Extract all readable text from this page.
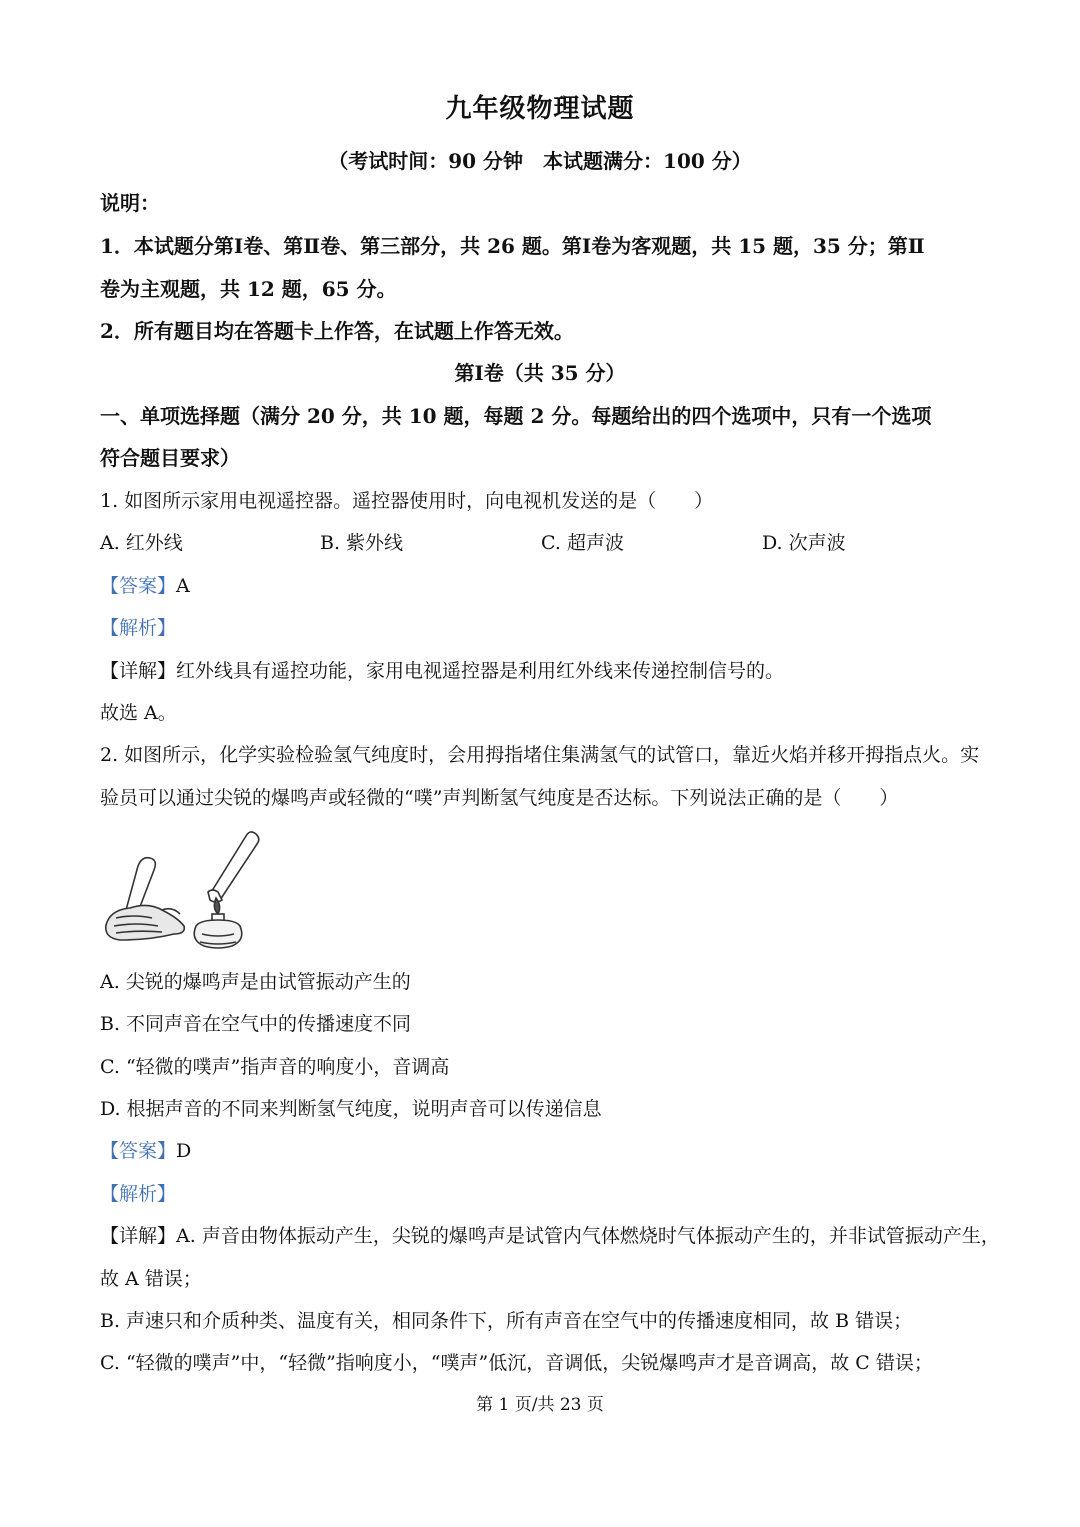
九年级物理试题
（考试时间：90 分钟　本试题满分：100 分）
说明：
1．本试题分第Ⅰ卷、第Ⅱ卷、第三部分，共 26 题。第Ⅰ卷为客观题，共 15 题，35 分；第Ⅱ
卷为主观题，共 12 题，65 分。
2．所有题目均在答题卡上作答，在试题上作答无效。
第Ⅰ卷（共 35 分）
一、单项选择题（满分 20 分，共 10 题，每题 2 分。每题给出的四个选项中，只有一个选项
符合题目要求）
1. 如图所示家用电视遥控器。遥控器使用时，向电视机发送的是（　　）
A. 红外线	B. 紫外线	C. 超声波	D. 次声波
【答案】A
【解析】
【详解】红外线具有遥控功能，家用电视遥控器是利用红外线来传递控制信号的。
故选 A。
2. 如图所示，化学实验检验氢气纯度时，会用拇指堵住集满氢气的试管口，靠近火焰并移开拇指点火。实
验员可以通过尖锐的爆鸣声或轻微的“噗”声判断氢气纯度是否达标。下列说法正确的是（　　）
A. 尖锐的爆鸣声是由试管振动产生的
B. 不同声音在空气中的传播速度不同
C. “轻微的噗声”指声音的响度小，音调高
D. 根据声音的不同来判断氢气纯度，说明声音可以传递信息
【答案】D
【解析】
【详解】A. 声音由物体振动产生，尖锐的爆鸣声是试管内气体燃烧时气体振动产生的，并非试管振动产生，
故 A 错误；
B. 声速只和介质种类、温度有关，相同条件下，所有声音在空气中的传播速度相同，故 B 错误；
C. “轻微的噗声”中，“轻微”指响度小，“噗声”低沉，音调低，尖锐爆鸣声才是音调高，故 C 错误；
第 1 页/共 23 页
